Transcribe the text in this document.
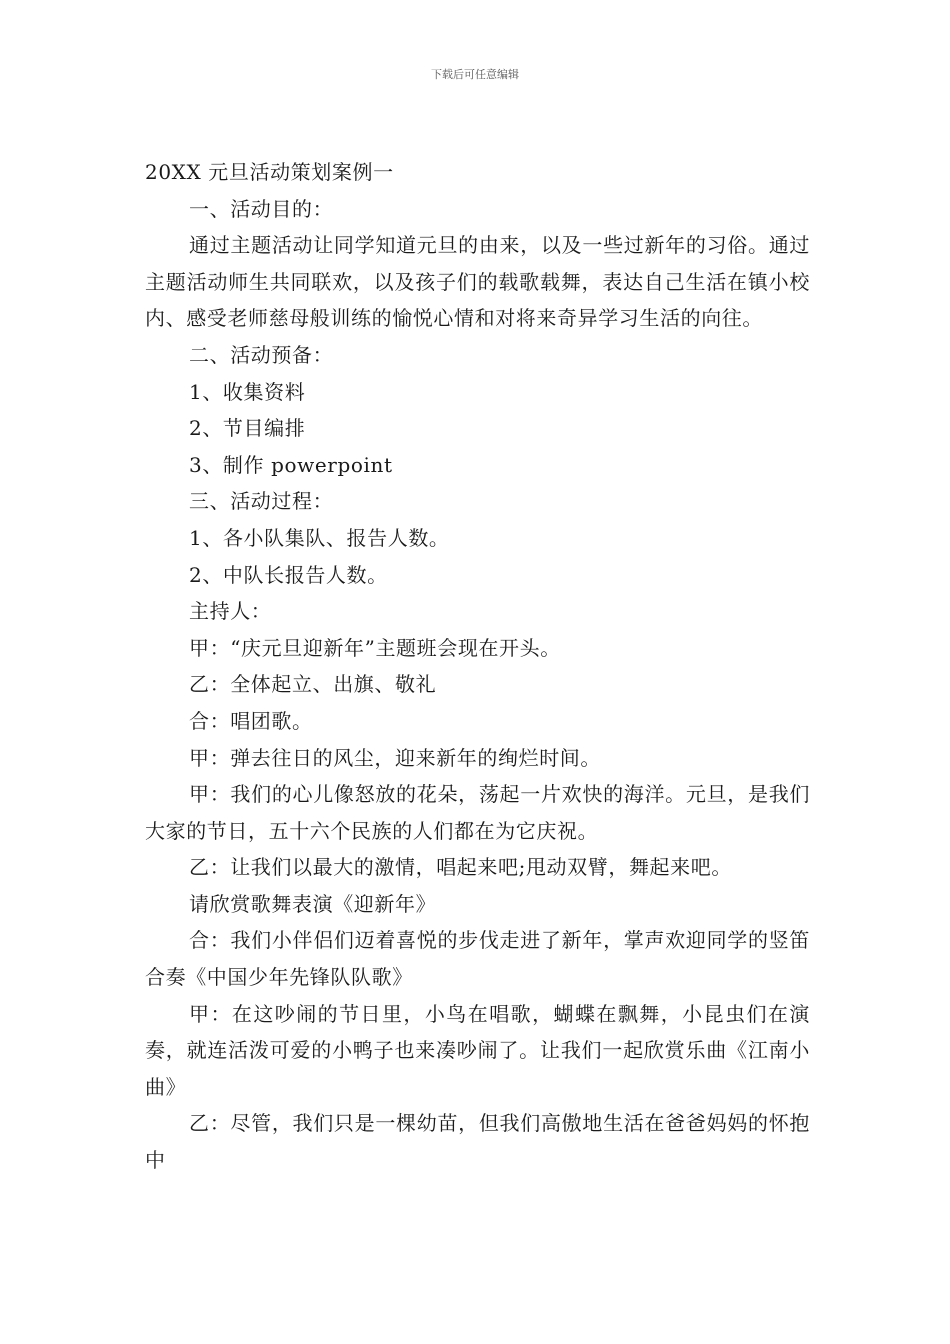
下载后可任意编辑

20XX 元旦活动策划案例一

一、活动目的：

通过主题活动让同学知道元旦的由来，以及一些过新年的习俗。通过主题活动师生共同联欢，以及孩子们的载歌载舞，表达自己生活在镇小校内、感受老师慈母般训练的愉悦心情和对将来奇异学习生活的向往。

二、活动预备：

1、收集资料

2、节目编排

3、制作 powerpoint

三、活动过程：

1、各小队集队、报告人数。

2、中队长报告人数。

主持人：

甲：“庆元旦迎新年”主题班会现在开头。

乙：全体起立、出旗、敬礼

合：唱团歌。

甲：弹去往日的风尘，迎来新年的绚烂时间。

甲：我们的心儿像怒放的花朵，荡起一片欢快的海洋。元旦，是我们大家的节日，五十六个民族的人们都在为它庆祝。

乙：让我们以最大的激情，唱起来吧;甩动双臂，舞起来吧。

请欣赏歌舞表演《迎新年》

合：我们小伴侣们迈着喜悦的步伐走进了新年，掌声欢迎同学的竖笛合奏《中国少年先锋队队歌》

甲：在这吵闹的节日里，小鸟在唱歌，蝴蝶在飘舞，小昆虫们在演奏，就连活泼可爱的小鸭子也来凑吵闹了。让我们一起欣赏乐曲《江南小曲》

乙：尽管，我们只是一棵幼苗，但我们高傲地生活在爸爸妈妈的怀抱中
